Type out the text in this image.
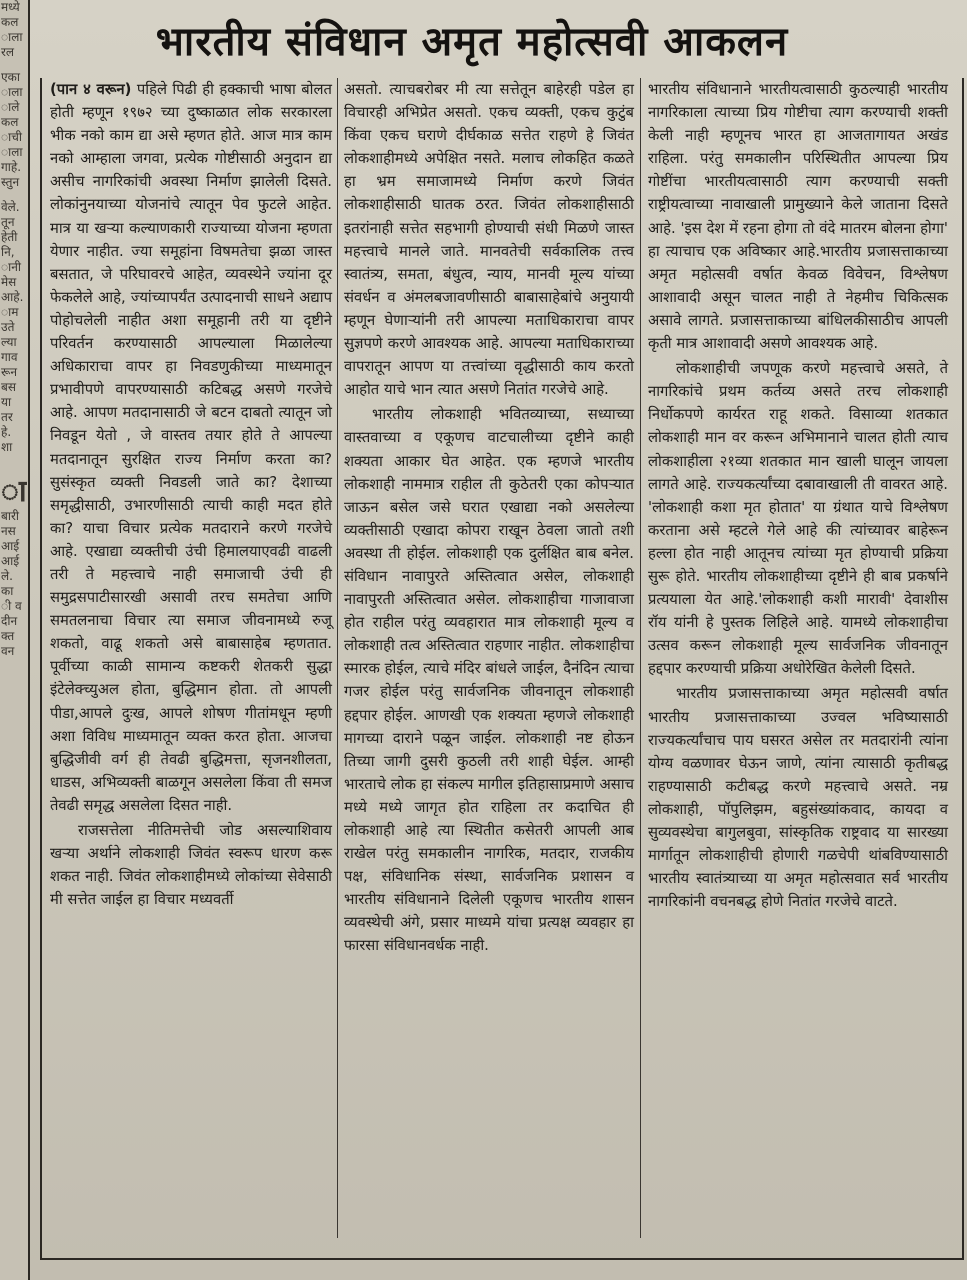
मध्ये
कल
ाला
रल
एका
ाला
ाले
कल
ाची
ाला
गाहे.
स्तुन
वेले.
तून
हेती
नि,
ानी
मेस
आहे.
ाम
उते
ल्या
गाव
रून
बस
या
तर
हे.
शा
ा
बारी
नस
आई
आई
ले.
का
ी व
दीन
क्त
वन
भारतीय संविधान अमृत महोत्सवी आकलन

(पान ४ वरून) पहिले पिढी ही हक्काची भाषा बोलत होती म्हणून १९७२ च्या दुष्काळात लोक सरकारला भीक नको काम द्या असे म्हणत होते. आज मात्र काम नको आम्हाला जगवा, प्रत्येक गोष्टीसाठी अनुदान द्या असीच नागरिकांची अवस्था निर्माण झालेली दिसते. लोकांनुनयाच्या योजनांचे त्यातून पेव फुटले आहेत. मात्र या खऱ्या कल्याणकारी राज्याच्या योजना म्हणता येणार नाहीत. ज्या समूहांना विषमतेचा झळा जास्त बसतात, जे परिघावरचे आहेत, व्यवस्थेने ज्यांना दूर फेकलेले आहे, ज्यांच्यापर्यंत उत्पादनाची साधने अद्याप पोहोचलेली नाहीत अशा समूहानी तरी या दृष्टीने परिवर्तन करण्यासाठी आपल्याला मिळालेल्या अधिकाराचा वापर हा निवडणुकीच्या माध्यमातून प्रभावीपणे वापरण्यासाठी कटिबद्ध असणे गरजेचे आहे. आपण मतदानासाठी जे बटन दाबतो त्यातून जो निवडून येतो , जे वास्तव तयार होते ते आपल्या मतदानातून सुरक्षित राज्य निर्माण करता का? सुसंस्कृत व्यक्ती निवडली जाते का? देशाच्या समृद्धीसाठी, उभारणीसाठी त्याची काही मदत होते का? याचा विचार प्रत्येक मतदाराने करणे गरजेचे आहे. एखाद्या व्यक्तीची उंची हिमालयाएवढी वाढली तरी ते महत्त्वाचे नाही समाजाची उंची ही समुद्रसपाटीसारखी असावी तरच समतेचा आणि समतलनाचा विचार त्या समाज जीवनामध्ये रुजू शकतो, वाढू शकतो असे बाबासाहेब म्हणतात. पूर्वीच्या काळी सामान्य कष्टकरी शेतकरी सुद्धा इंटेलेक्च्युअल होता, बुद्धिमान होता. तो आपली पीडा,आपले दुःख, आपले शोषण गीतांमधून म्हणी अशा विविध माध्यमातून व्यक्त करत होता. आजचा बुद्धिजीवी वर्ग ही तेवढी बुद्धिमत्ता, सृजनशीलता, धाडस, अभिव्यक्ती बाळगून असलेला किंवा ती समज तेवढी समृद्ध असलेला दिसत नाही.

राजसत्तेला नीतिमत्तेची जोड असल्याशिवाय खऱ्या अर्थाने लोकशाही जिवंत स्वरूप धारण करू शकत नाही. जिवंत लोकशाहीमध्ये लोकांच्या सेवेसाठी मी सत्तेत जाईल हा विचार मध्यवर्ती

असतो. त्याचबरोबर मी त्या सत्तेतून बाहेरही पडेल हा विचारही अभिप्रेत असतो. एकच व्यक्ती, एकच कुटुंब किंवा एकच घराणे दीर्घकाळ सत्तेत राहणे हे जिवंत लोकशाहीमध्ये अपेक्षित नसते. मलाच लोकहित कळते हा भ्रम समाजामध्ये निर्माण करणे जिवंत लोकशाहीसाठी घातक ठरत. जिवंत लोकशाहीसाठी इतरांनाही सत्तेत सहभागी होण्याची संधी मिळणे जास्त महत्त्वाचे मानले जाते. मानवतेची सर्वकालिक तत्त्व स्वातंत्र्य, समता, बंधुत्व, न्याय, मानवी मूल्य यांच्या संवर्धन व अंमलबजावणीसाठी बाबासाहेबांचे अनुयायी म्हणून घेणाऱ्यांनी तरी आपल्या मताधिकाराचा वापर सुज्ञपणे करणे आवश्यक आहे. आपल्या मताधिकाराच्या वापरातून आपण या तत्त्वांच्या वृद्धीसाठी काय करतो आहोत याचे भान त्यात असणे नितांत गरजेचे आहे.

भारतीय लोकशाही भवितव्याच्या, सध्याच्या वास्तवाच्या व एकूणच वाटचालीच्या दृष्टीने काही शक्यता आकार घेत आहेत. एक म्हणजे भारतीय लोकशाही नाममात्र राहील ती कुठेतरी एका कोपऱ्यात जाऊन बसेल जसे घरात एखाद्या नको असलेल्या व्यक्तीसाठी एखादा कोपरा राखून ठेवला जातो तशी अवस्था ती होईल. लोकशाही एक दुर्लक्षित बाब बनेल. संविधान नावापुरते अस्तित्वात असेल, लोकशाही नावापुरती अस्तित्वात असेल. लोकशाहीचा गाजावाजा होत राहील परंतु व्यवहारात मात्र लोकशाही मूल्य व लोकशाही तत्व अस्तित्वात राहणार नाहीत. लोकशाहीचा स्मारक होईल, त्याचे मंदिर बांधले जाईल, दैनंदिन त्याचा गजर होईल परंतु सार्वजनिक जीवनातून लोकशाही हद्दपार होईल. आणखी एक शक्यता म्हणजे लोकशाही मागच्या दाराने पळून जाईल. लोकशाही नष्ट होऊन तिच्या जागी दुसरी कुठली तरी शाही घेईल. आम्ही भारताचे लोक हा संकल्प मागील इतिहासाप्रमाणे असाच मध्ये मध्ये जागृत होत राहिला तर कदाचित ही लोकशाही आहे त्या स्थितीत कसेतरी आपली आब राखेल परंतु समकालीन नागरिक, मतदार, राजकीय पक्ष, संविधानिक संस्था, सार्वजनिक प्रशासन व भारतीय संविधानाने दिलेली एकूणच भारतीय शासन व्यवस्थेची अंगे, प्रसार माध्यमे यांचा प्रत्यक्ष व्यवहार हा फारसा संविधानवर्धक नाही.

भारतीय संविधानाने भारतीयत्वासाठी कुठल्याही भारतीय नागरिकाला त्याच्या प्रिय गोष्टीचा त्याग करण्याची शक्ती केली नाही म्हणूनच भारत हा आजतागायत अखंड राहिला. परंतु समकालीन परिस्थितीत आपल्या प्रिय गोष्टींचा भारतीयत्वासाठी त्याग करण्याची सक्ती राष्ट्रीयत्वाच्या नावाखाली प्रामुख्याने केले जाताना दिसते आहे. 'इस देश में रहना होगा तो वंदे मातरम बोलना होगा' हा त्याचाच एक अविष्कार आहे.भारतीय प्रजासत्ताकाच्या अमृत महोत्सवी वर्षात केवळ विवेचन, विश्लेषण आशावादी असून चालत नाही ते नेहमीच चिकित्सक असावे लागते. प्रजासत्ताकाच्या बांधिलकीसाठीच आपली कृती मात्र आशावादी असणे आवश्यक आहे.

लोकशाहीची जपणूक करणे महत्त्वाचे असते, ते नागरिकांचे प्रथम कर्तव्य असते तरच लोकशाही निर्धोकपणे कार्यरत राहू शकते. विसाव्या शतकात लोकशाही मान वर करून अभिमानाने चालत होती त्याच लोकशाहीला २१व्या शतकात मान खाली घालून जायला लागते आहे. राज्यकर्त्यांच्या दबावाखाली ती वावरत आहे. 'लोकशाही कशा मृत होतात' या ग्रंथात याचे विश्लेषण करताना असे म्हटले गेले आहे की त्यांच्यावर बाहेरून हल्ला होत नाही आतूनच त्यांच्या मृत होण्याची प्रक्रिया सुरू होते. भारतीय लोकशाहीच्या दृष्टीने ही बाब प्रकर्षाने प्रत्ययाला येत आहे.'लोकशाही कशी मारावी' देवाशीस रॉय यांनी हे पुस्तक लिहिले आहे. यामध्ये लोकशाहीचा उत्सव करून लोकशाही मूल्य सार्वजनिक जीवनातून हद्दपार करण्याची प्रक्रिया अधोरेखित केलेली दिसते.

भारतीय प्रजासत्ताकाच्या अमृत महोत्सवी वर्षात भारतीय प्रजासत्ताकाच्या उज्वल भविष्यासाठी राज्यकर्त्यांचाच पाय घसरत असेल तर मतदारांनी त्यांना योग्य वळणावर घेऊन जाणे, त्यांना त्यासाठी कृतीबद्ध राहण्यासाठी कटीबद्ध करणे महत्त्वाचे असते. नम्र लोकशाही, पॉपुलिझम, बहुसंख्यांकवाद, कायदा व सुव्यवस्थेचा बागुलबुवा, सांस्कृतिक राष्ट्रवाद या सारख्या मार्गातून लोकशाहीची होणारी गळचेपी थांबविण्यासाठी भारतीय स्वातंत्र्याच्या या अमृत महोत्सवात सर्व भारतीय नागरिकांनी वचनबद्ध होणे नितांत गरजेचे वाटते.
